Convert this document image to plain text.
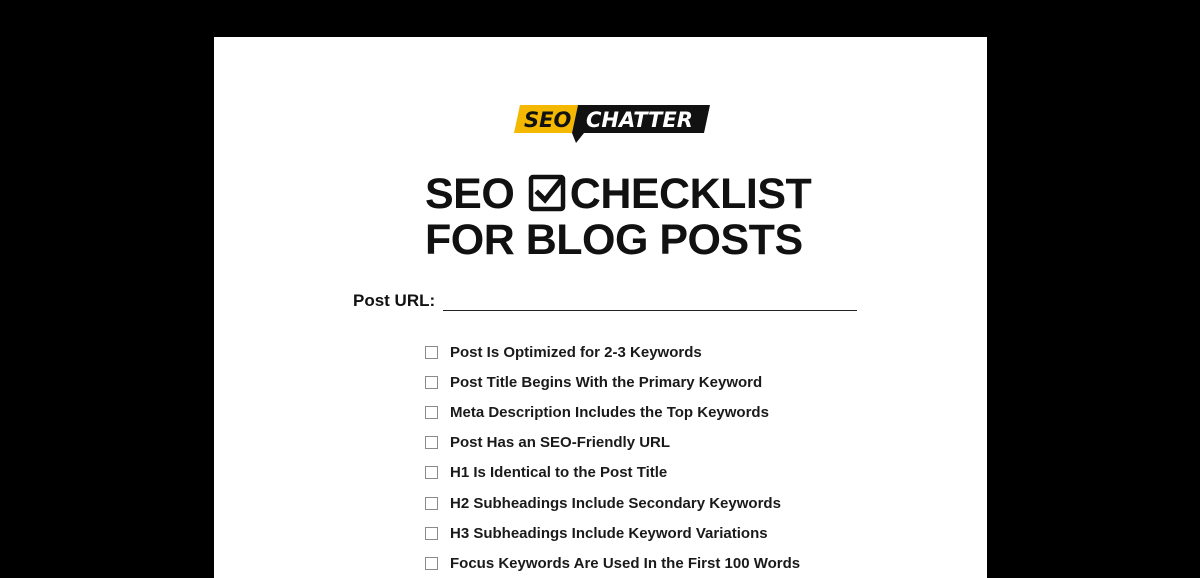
SEO CHATTER
SEO CHECKLIST
FOR BLOG POSTS
Post URL:
Post Is Optimized for 2-3 Keywords
Post Title Begins With the Primary Keyword
Meta Description Includes the Top Keywords
Post Has an SEO-Friendly URL
H1 Is Identical to the Post Title
H2 Subheadings Include Secondary Keywords
H3 Subheadings Include Keyword Variations
Focus Keywords Are Used In the First 100 Words
